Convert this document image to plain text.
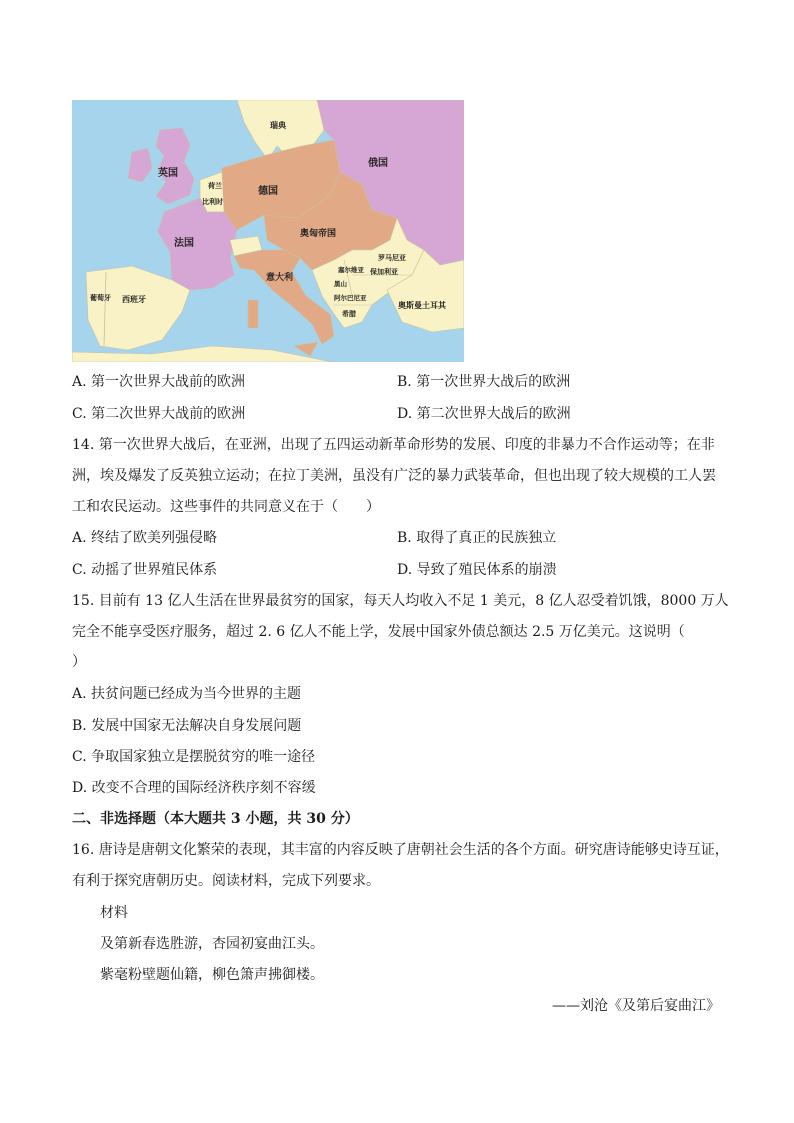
瑞典
英国
荷兰
比利时
德国
俄国
奥匈帝国
法国
罗马尼亚
保加利亚
塞尔维亚
黑山
阿尔巴尼亚
希腊
意大利
葡萄牙 西班牙
奥斯曼土耳其
A. 第一次世界大战前的欧洲	B. 第一次世界大战后的欧洲
C. 第二次世界大战前的欧洲	D. 第二次世界大战后的欧洲
14. 第一次世界大战后，在亚洲，出现了五四运动新革命形势的发展、印度的非暴力不合作运动等；在非
洲，埃及爆发了反英独立运动；在拉丁美洲，虽没有广泛的暴力武装革命，但也出现了较大规模的工人罢
工和农民运动。这些事件的共同意义在于（　　）
A. 终结了欧美列强侵略	B. 取得了真正的民族独立
C. 动摇了世界殖民体系	D. 导致了殖民体系的崩溃
15. 目前有 13 亿人生活在世界最贫穷的国家，每天人均收入不足 1 美元，8 亿人忍受着饥饿，8000 万人
完全不能享受医疗服务，超过 2. 6 亿人不能上学，发展中国家外债总额达 2.5 万亿美元。这说明（
）
A. 扶贫问题已经成为当今世界的主题
B. 发展中国家无法解决自身发展问题
C. 争取国家独立是摆脱贫穷的唯一途径
D. 改变不合理的国际经济秩序刻不容缓
二、非选择题（本大题共 3 小题，共 30 分）
16. 唐诗是唐朝文化繁荣的表现，其丰富的内容反映了唐朝社会生活的各个方面。研究唐诗能够史诗互证，
有利于探究唐朝历史。阅读材料，完成下列要求。
材料
及第新春选胜游，杏园初宴曲江头。
紫毫粉壁题仙籍，柳色箫声拂御楼。
——刘沧《及第后宴曲江》
